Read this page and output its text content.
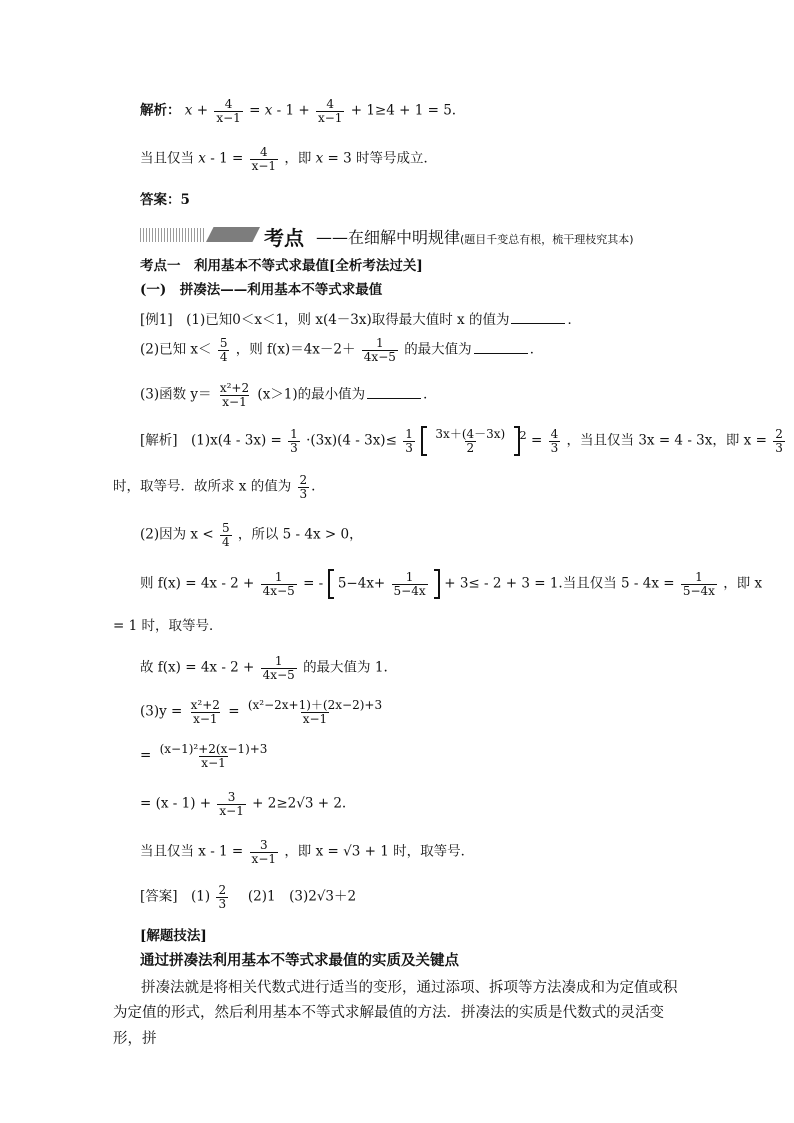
解析： $x + \frac{4}{x-1} = x - 1 + \frac{4}{x-1} + 1\ge 4 + 1 = 5$.
当且仅当 $x - 1 = \frac{4}{x-1}$ ，即 x = 3 时等号成立．
答案：5
考点 ——在细解中明规律(题目千变总有根，梳干理枝究其本)
考点一　利用基本不等式求最值[全析考法过关]
(一)　拼凑法——利用基本不等式求最值
[例1]　(1)已知0＜x＜1，则 x(4－3x)取得最大值时 x 的值为	．
(2)已知 $x< \frac{5}{4}$ ，则 $f(x)=4x-2+ \frac{1}{4x-5}$ 的最大值为	．
(3)函数 $y= \frac{\text{x²+2}}{x-1} (x>1)$的最小值为	．
[解析]　$(1)x(4 - 3x) = \frac{1}{3} \cdot(3x)(4 - 3x)\le \frac{1}{3}$
$\frac{3x+(4-3x)}{2} ^2 = \frac{4}{3}$ ，当且仅当 3x = 4 - 3x，即 $x = \frac{2}{3}$
时，取等号．故所求 x 的值为 $\frac{2}{3}$ .
(2)因为 $x < \frac{5}{4}$ ，所以 5 - 4x > 0，
则 $f(x) = 4x - 2 + \frac{1}{4x-5}$ = - $5-4x+ \frac{1}{5-4x} + 3\le - 2 + 3 = 1$.当且仅当 $5 - 4x = \frac{1}{5-4x}$ ，即 x
= 1 时，取等号．
故 $f(x) = 4x - 2 + \frac{1}{4x-5}$ 的最大值为 1.
$(3)y = \frac{\text{x²+2}}{x-1} = \frac{\text{(x²−2x+1)＋(2x−2)+3}}{x-1}$
= $\frac{\text{(x−1)²+2(x−1)+3}}{x-1}$
= $(x - 1) + \frac{3}{x-1} + 2\ge 2√3 + 2$.
当且仅当 $x - 1 = \frac{3}{x-1}$ ，即 x = √3 + 1 时，取等号．
[答案]　$(1) \frac{2}{3}$ 　(2)1　(3)2√3＋2
[解题技法]
通过拼凑法利用基本不等式求最值的实质及关键点
拼凑法就是将相关代数式进行适当的变形，通过添项、拆项等方法凑成和为定值或积为定值的形式，然后利用基本不等式求解最值的方法．拼凑法的实质是代数式的灵活变形，拼
